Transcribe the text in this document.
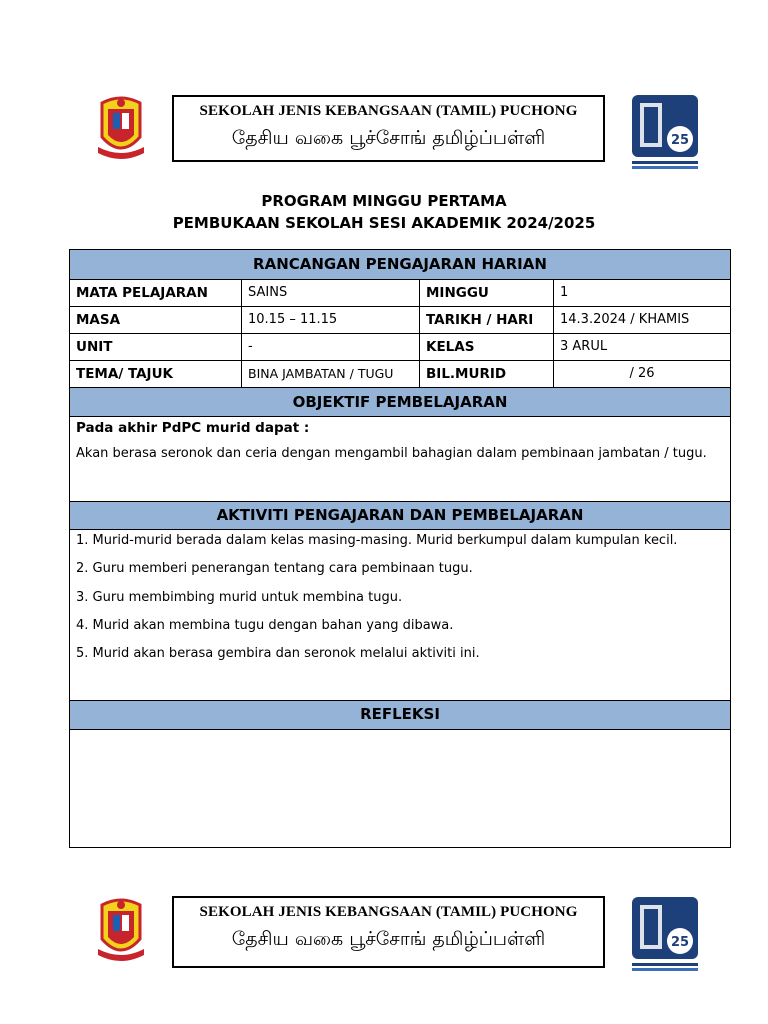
SEKOLAH JENIS KEBANGSAAN (TAMIL) PUCHONG
தேசிய வகை பூச்சோங் தமிழ்ப்பள்ளி	25
PROGRAM MINGGU PERTAMA
PEMBUKAAN SEKOLAH SESI AKADEMIK 2024/2025
RANCANGAN PENGAJARAN HARIAN
MATA PELAJARAN	SAINS	MINGGU	1
MASA	10.15 – 11.15	TARIKH / HARI	14.3.2024 / KHAMIS
UNIT	-	KELAS	3 ARUL
TEMA/ TAJUK	BINA JAMBATAN / TUGU	BIL.MURID	/ 26
OBJEKTIF PEMBELAJARAN
Pada akhir PdPC murid dapat :
Akan berasa seronok dan ceria dengan mengambil bahagian dalam pembinaan jambatan / tugu.
AKTIVITI PENGAJARAN DAN PEMBELAJARAN
1. Murid-murid berada dalam kelas masing-masing. Murid berkumpul dalam kumpulan kecil.
2. Guru memberi penerangan tentang cara pembinaan tugu.
3. Guru membimbing murid untuk membina tugu.
4. Murid akan membina tugu dengan bahan yang dibawa.
5. Murid akan berasa gembira dan seronok melalui aktiviti ini.
REFLEKSI
SEKOLAH JENIS KEBANGSAAN (TAMIL) PUCHONG
தேசிய வகை பூச்சோங் தமிழ்ப்பள்ளி	25
